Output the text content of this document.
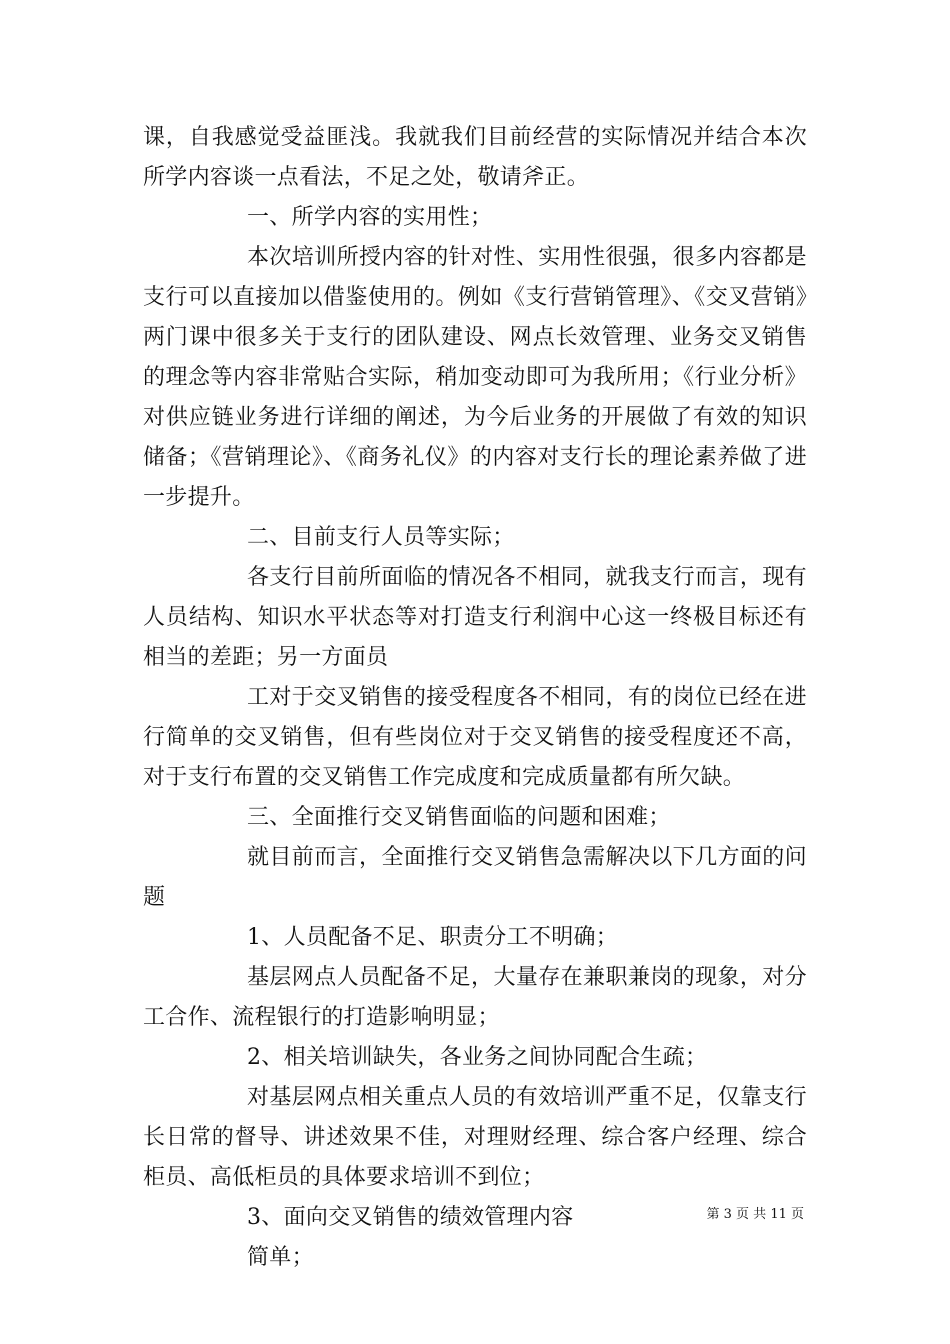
课，自我感觉受益匪浅。我就我们目前经营的实际情况并结合本次所学内容谈一点看法，不足之处，敬请斧正。

一、所学内容的实用性；

本次培训所授内容的针对性、实用性很强，很多内容都是支行可以直接加以借鉴使用的。例如《支行营销管理》、《交叉营销》两门课中很多关于支行的团队建设、网点长效管理、业务交叉销售的理念等内容非常贴合实际，稍加变动即可为我所用；《行业分析》对供应链业务进行详细的阐述，为今后业务的开展做了有效的知识储备；《营销理论》、《商务礼仪》的内容对支行长的理论素养做了进一步提升。

二、目前支行人员等实际；

各支行目前所面临的情况各不相同，就我支行而言，现有人员结构、知识水平状态等对打造支行利润中心这一终极目标还有相当的差距；另一方面员

工对于交叉销售的接受程度各不相同，有的岗位已经在进行简单的交叉销售，但有些岗位对于交叉销售的接受程度还不高，对于支行布置的交叉销售工作完成度和完成质量都有所欠缺。

三、全面推行交叉销售面临的问题和困难；

就目前而言，全面推行交叉销售急需解决以下几方面的问题

1、人员配备不足、职责分工不明确；

基层网点人员配备不足，大量存在兼职兼岗的现象，对分工合作、流程银行的打造影响明显；

2、相关培训缺失，各业务之间协同配合生疏；

对基层网点相关重点人员的有效培训严重不足，仅靠支行长日常的督导、讲述效果不佳，对理财经理、综合客户经理、综合柜员、高低柜员的具体要求培训不到位；

3、面向交叉销售的绩效管理内容

简单；

第 3 页 共 11 页
